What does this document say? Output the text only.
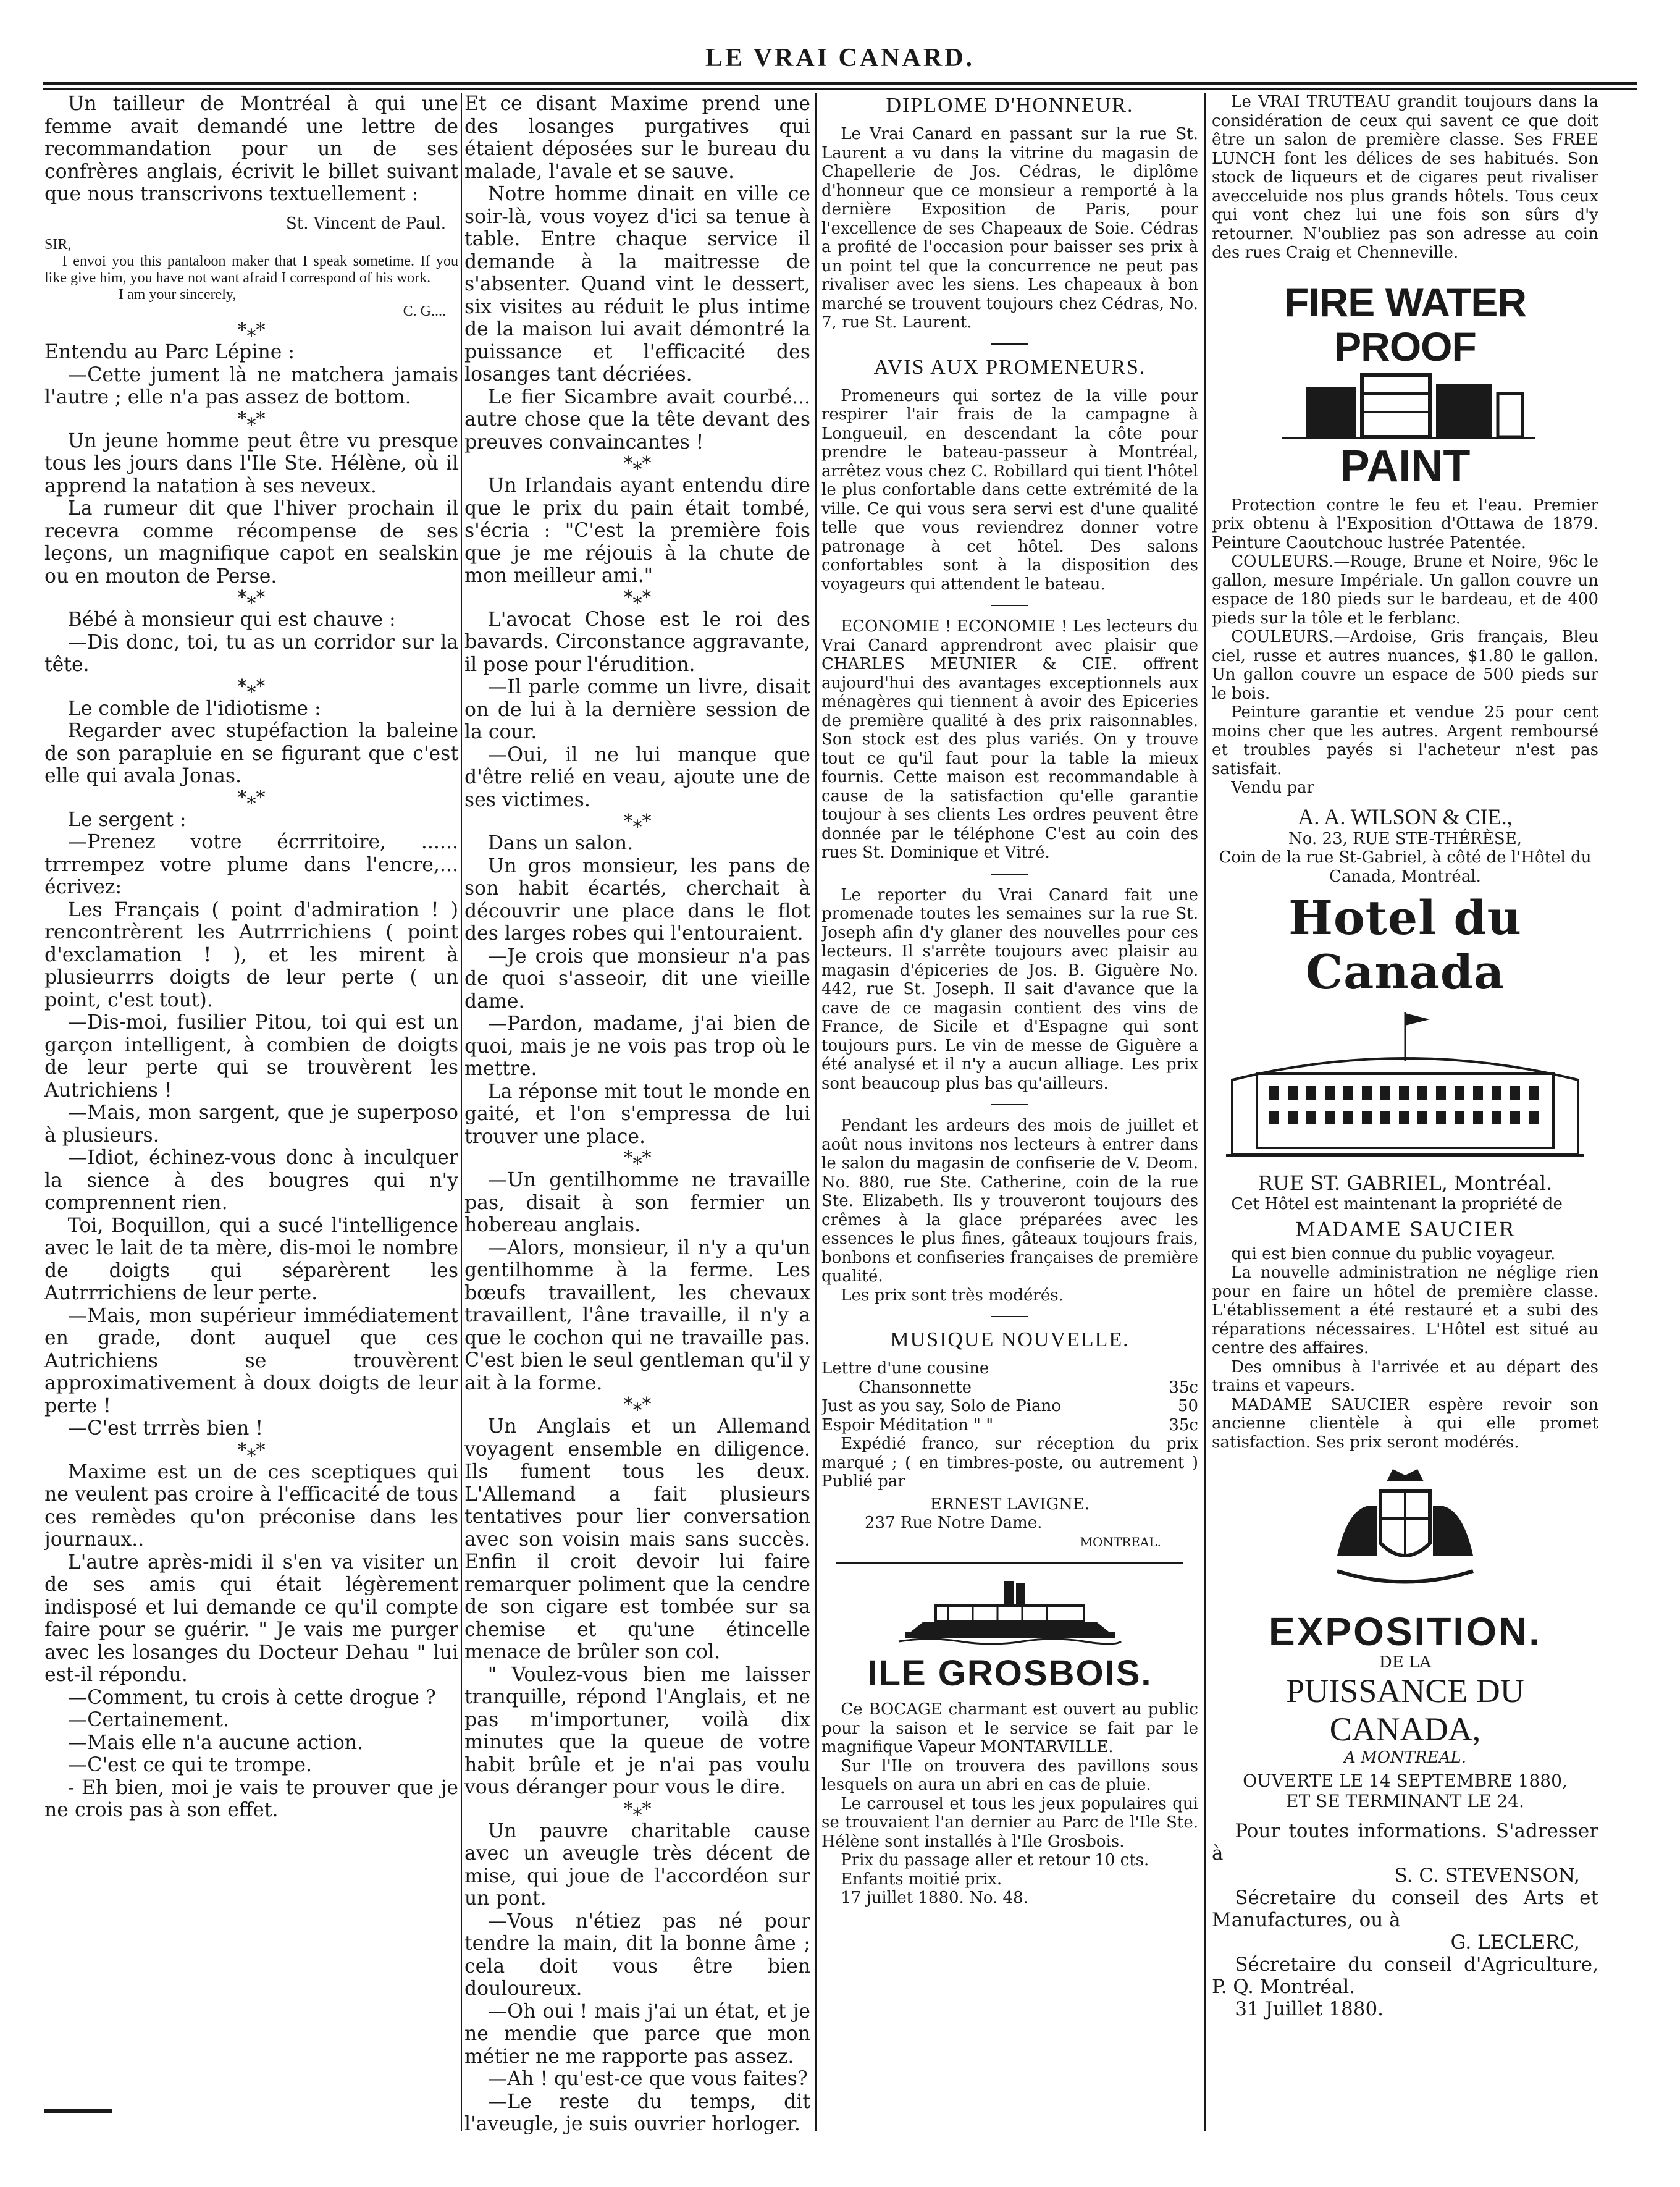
LE VRAI CANARD.

Un tailleur de Montréal à qui une femme avait demandé une lettre de recommandation pour un de ses confrères anglais, écrivit le billet suivant que nous transcrivons textuellement :

St. Vincent de Paul.
SIR,

I envoi you this pantaloon maker that I speak sometime. If you like give him, you have not want afraid I correspond of his work.

I am your sincerely,
C. G....
*⁎*

Entendu au Parc Lépine :

—Cette jument là ne matchera jamais l'autre ; elle n'a pas assez de bottom.

*⁎*

Un jeune homme peut être vu presque tous les jours dans l'Ile Ste. Hélène, où il apprend la natation à ses neveux.

La rumeur dit que l'hiver prochain il recevra comme récompense de ses leçons, un magnifique capot en sealskin ou en mouton de Perse.

*⁎*

Bébé à monsieur qui est chauve :

—Dis donc, toi, tu as un corridor sur la tête.

*⁎*

Le comble de l'idiotisme :

Regarder avec stupéfaction la baleine de son parapluie en se figurant que c'est elle qui avala Jonas.

*⁎*

Le sergent :

—Prenez votre écrrritoire, ...... trrrempez votre plume dans l'encre,... écrivez:

Les Français ( point d'admiration ! ) rencontrèrent les Autrrrichiens ( point d'exclamation ! ), et les mirent à plusieurrrs doigts de leur perte ( un point, c'est tout).

—Dis-moi, fusilier Pitou, toi qui est un garçon intelligent, à combien de doigts de leur perte qui se trouvèrent les Autrichiens !

—Mais, mon sargent, que je superposo à plusieurs.

—Idiot, échinez-vous donc à inculquer la sience à des bougres qui n'y comprennent rien.

Toi, Boquillon, qui a sucé l'intelligence avec le lait de ta mère, dis-moi le nombre de doigts qui séparèrent les Autrrrichiens de leur perte.

—Mais, mon supérieur immédiatement en grade, dont auquel que ces Autrichiens se trouvèrent approximativement à doux doigts de leur perte !

—C'est trrrès bien !

*⁎*

Maxime est un de ces sceptiques qui ne veulent pas croire à l'efficacité de tous ces remèdes qu'on préconise dans les journaux..

L'autre après-midi il s'en va visiter un de ses amis qui était légèrement indisposé et lui demande ce qu'il compte faire pour se guérir. " Je vais me purger avec les losanges du Docteur Dehau " lui est-il répondu.

—Comment, tu crois à cette drogue ?

—Certainement.

—Mais elle n'a aucune action.

—C'est ce qui te trompe.

- Eh bien, moi je vais te prouver que je ne crois pas à son effet.

Et ce disant Maxime prend une des losanges purgatives qui étaient déposées sur le bureau du malade, l'avale et se sauve.

Notre homme dinait en ville ce soir-là, vous voyez d'ici sa tenue à table. Entre chaque service il demande à la maitresse de s'absenter. Quand vint le dessert, six visites au réduit le plus intime de la maison lui avait démontré la puissance et l'efficacité des losanges tant décriées.

Le fier Sicambre avait courbé... autre chose que la tête devant des preuves convaincantes !

*⁎*

Un Irlandais ayant entendu dire que le prix du pain était tombé, s'écria : "C'est la première fois que je me réjouis à la chute de mon meilleur ami."

*⁎*

L'avocat Chose est le roi des bavards. Circonstance aggravante, il pose pour l'érudition.

—Il parle comme un livre, disait on de lui à la dernière session de la cour.

—Oui, il ne lui manque que d'être relié en veau, ajoute une de ses victimes.

*⁎*

Dans un salon.

Un gros monsieur, les pans de son habit écartés, cherchait à découvrir une place dans le flot des larges robes qui l'entouraient.

—Je crois que monsieur n'a pas de quoi s'asseoir, dit une vieille dame.

—Pardon, madame, j'ai bien de quoi, mais je ne vois pas trop où le mettre.

La réponse mit tout le monde en gaité, et l'on s'empressa de lui trouver une place.

*⁎*

—Un gentilhomme ne travaille pas, disait à son fermier un hobereau anglais.

—Alors, monsieur, il n'y a qu'un gentilhomme à la ferme. Les bœufs travaillent, les chevaux travaillent, l'âne travaille, il n'y a que le cochon qui ne travaille pas. C'est bien le seul gentleman qu'il y ait à la forme.

*⁎*

Un Anglais et un Allemand voyagent ensemble en diligence. Ils fument tous les deux. L'Allemand a fait plusieurs tentatives pour lier conversation avec son voisin mais sans succès. Enfin il croit devoir lui faire remarquer poliment que la cendre de son cigare est tombée sur sa chemise et qu'une étincelle menace de brûler son col.

" Voulez-vous bien me laisser tranquille, répond l'Anglais, et ne pas m'importuner, voilà dix minutes que la queue de votre habit brûle et je n'ai pas voulu vous déranger pour vous le dire.

*⁎*

Un pauvre charitable cause avec un aveugle très décent de mise, qui joue de l'accordéon sur un pont.

—Vous n'étiez pas né pour tendre la main, dit la bonne âme ; cela doit vous être bien douloureux.

—Oh oui ! mais j'ai un état, et je ne mendie que parce que mon métier ne me rapporte pas assez.

—Ah ! qu'est-ce que vous faites?

—Le reste du temps, dit l'aveugle, je suis ouvrier horloger.

DIPLOME D'HONNEUR.

Le Vrai Canard en passant sur la rue St. Laurent a vu dans la vitrine du magasin de Chapellerie de Jos. Cédras, le diplôme d'honneur que ce monsieur a remporté à la dernière Exposition de Paris, pour l'excellence de ses Chapeaux de Soie. Cédras a profité de l'occasion pour baisser ses prix à un point tel que la concurrence ne peut pas rivaliser avec les siens. Les chapeaux à bon marché se trouvent toujours chez Cédras, No. 7, rue St. Laurent.

AVIS AUX PROMENEURS.

Promeneurs qui sortez de la ville pour respirer l'air frais de la campagne à Longueuil, en descendant la côte pour prendre le bateau-passeur à Montréal, arrêtez vous chez C. Robillard qui tient l'hôtel le plus confortable dans cette extrémité de la ville. Ce qui vous sera servi est d'une qualité telle que vous reviendrez donner votre patronage à cet hôtel. Des salons confortables sont à la disposition des voyageurs qui attendent le bateau.

ECONOMIE ! ECONOMIE ! Les lecteurs du Vrai Canard apprendront avec plaisir que CHARLES MEUNIER & CIE. offrent aujourd'hui des avantages exceptionnels aux ménagères qui tiennent à avoir des Epiceries de première qualité à des prix raisonnables. Son stock est des plus variés. On y trouve tout ce qu'il faut pour la table la mieux fournis. Cette maison est recommandable à cause de la satisfaction qu'elle garantie toujour à ses clients Les ordres peuvent être donnée par le téléphone C'est au coin des rues St. Dominique et Vitré.

Le reporter du Vrai Canard fait une promenade toutes les semaines sur la rue St. Joseph afin d'y glaner des nouvelles pour ces lecteurs. Il s'arrête toujours avec plaisir au magasin d'épiceries de Jos. B. Giguère No. 442, rue St. Joseph. Il sait d'avance que la cave de ce magasin contient des vins de France, de Sicile et d'Espagne qui sont toujours purs. Le vin de messe de Giguère a été analysé et il n'y a aucun alliage. Les prix sont beaucoup plus bas qu'ailleurs.

Pendant les ardeurs des mois de juillet et août nous invitons nos lecteurs à entrer dans le salon du magasin de confiserie de V. Deom. No. 880, rue Ste. Catherine, coin de la rue Ste. Elizabeth. Ils y trouveront toujours des crêmes à la glace préparées avec les essences le plus fines, gâteaux toujours frais, bonbons et confiseries françaises de première qualité.

Les prix sont très modérés.

MUSIQUE NOUVELLE.
Lettre d'une cousine
Chansonnette	35c
Just as you say, Solo de Piano	50
Espoir Méditation " "	35c

Expédié franco, sur réception du prix marqué ; ( en timbres-poste, ou autrement ) Publié par

ERNEST LAVIGNE.
237 Rue Notre Dame.
MONTREAL.
ILE GROSBOIS.

Ce BOCAGE charmant est ouvert au public pour la saison et le service se fait par le magnifique Vapeur MONTARVILLE.

Sur l'Ile on trouvera des pavillons sous lesquels on aura un abri en cas de pluie.

Le carrousel et tous les jeux populaires qui se trouvaient l'an dernier au Parc de l'Ile Ste. Hélène sont installés à l'Ile Grosbois.

Prix du passage aller et retour 10 cts.

Enfants moitié prix.

17 juillet 1880. No. 48.

Le VRAI TRUTEAU grandit toujours dans la considération de ceux qui savent ce que doit être un salon de première classe. Ses FREE LUNCH font les délices de ses habitués. Son stock de liqueurs et de cigares peut rivaliser avecceluide nos plus grands hôtels. Tous ceux qui vont chez lui une fois son sûrs d'y retourner. N'oubliez pas son adresse au coin des rues Craig et Chenneville.

FIRE WATER PROOF
PAINT

Protection contre le feu et l'eau. Premier prix obtenu à l'Exposition d'Ottawa de 1879. Peinture Caoutchouc lustrée Patentée.

COULEURS.—Rouge, Brune et Noire, 96c le gallon, mesure Impériale. Un gallon couvre un espace de 180 pieds sur le bardeau, et de 400 pieds sur la tôle et le ferblanc.

COULEURS.—Ardoise, Gris français, Bleu ciel, russe et autres nuances, $1.80 le gallon. Un gallon couvre un espace de 500 pieds sur le bois.

Peinture garantie et vendue 25 pour cent moins cher que les autres. Argent remboursé et troubles payés si l'acheteur n'est pas satisfait.

Vendu par

A. A. WILSON & CIE.,
No. 23, RUE STE-THÉRÈSE,
Coin de la rue St-Gabriel, à côté de l'Hôtel du Canada, Montréal.
Hotel du Canada
RUE ST. GABRIEL, Montréal.

Cet Hôtel est maintenant la propriété de

MADAME SAUCIER

qui est bien connue du public voyageur.

La nouvelle administration ne néglige rien pour en faire un hôtel de première classe. L'établissement a été restauré et a subi des réparations nécessaires. L'Hôtel est situé au centre des affaires.

Des omnibus à l'arrivée et au départ des trains et vapeurs.

MADAME SAUCIER espère revoir son ancienne clientèle à qui elle promet satisfaction. Ses prix seront modérés.

EXPOSITION.
DE LA
PUISSANCE DU CANADA,
A MONTREAL.
OUVERTE LE 14 SEPTEMBRE 1880,
ET SE TERMINANT LE 24.

Pour toutes informations. S'adresser à

S. C. STEVENSON,

Sécretaire du conseil des Arts et Manufactures, ou à

G. LECLERC,

Sécretaire du conseil d'Agriculture, P. Q. Montréal.

31 Juillet 1880.
